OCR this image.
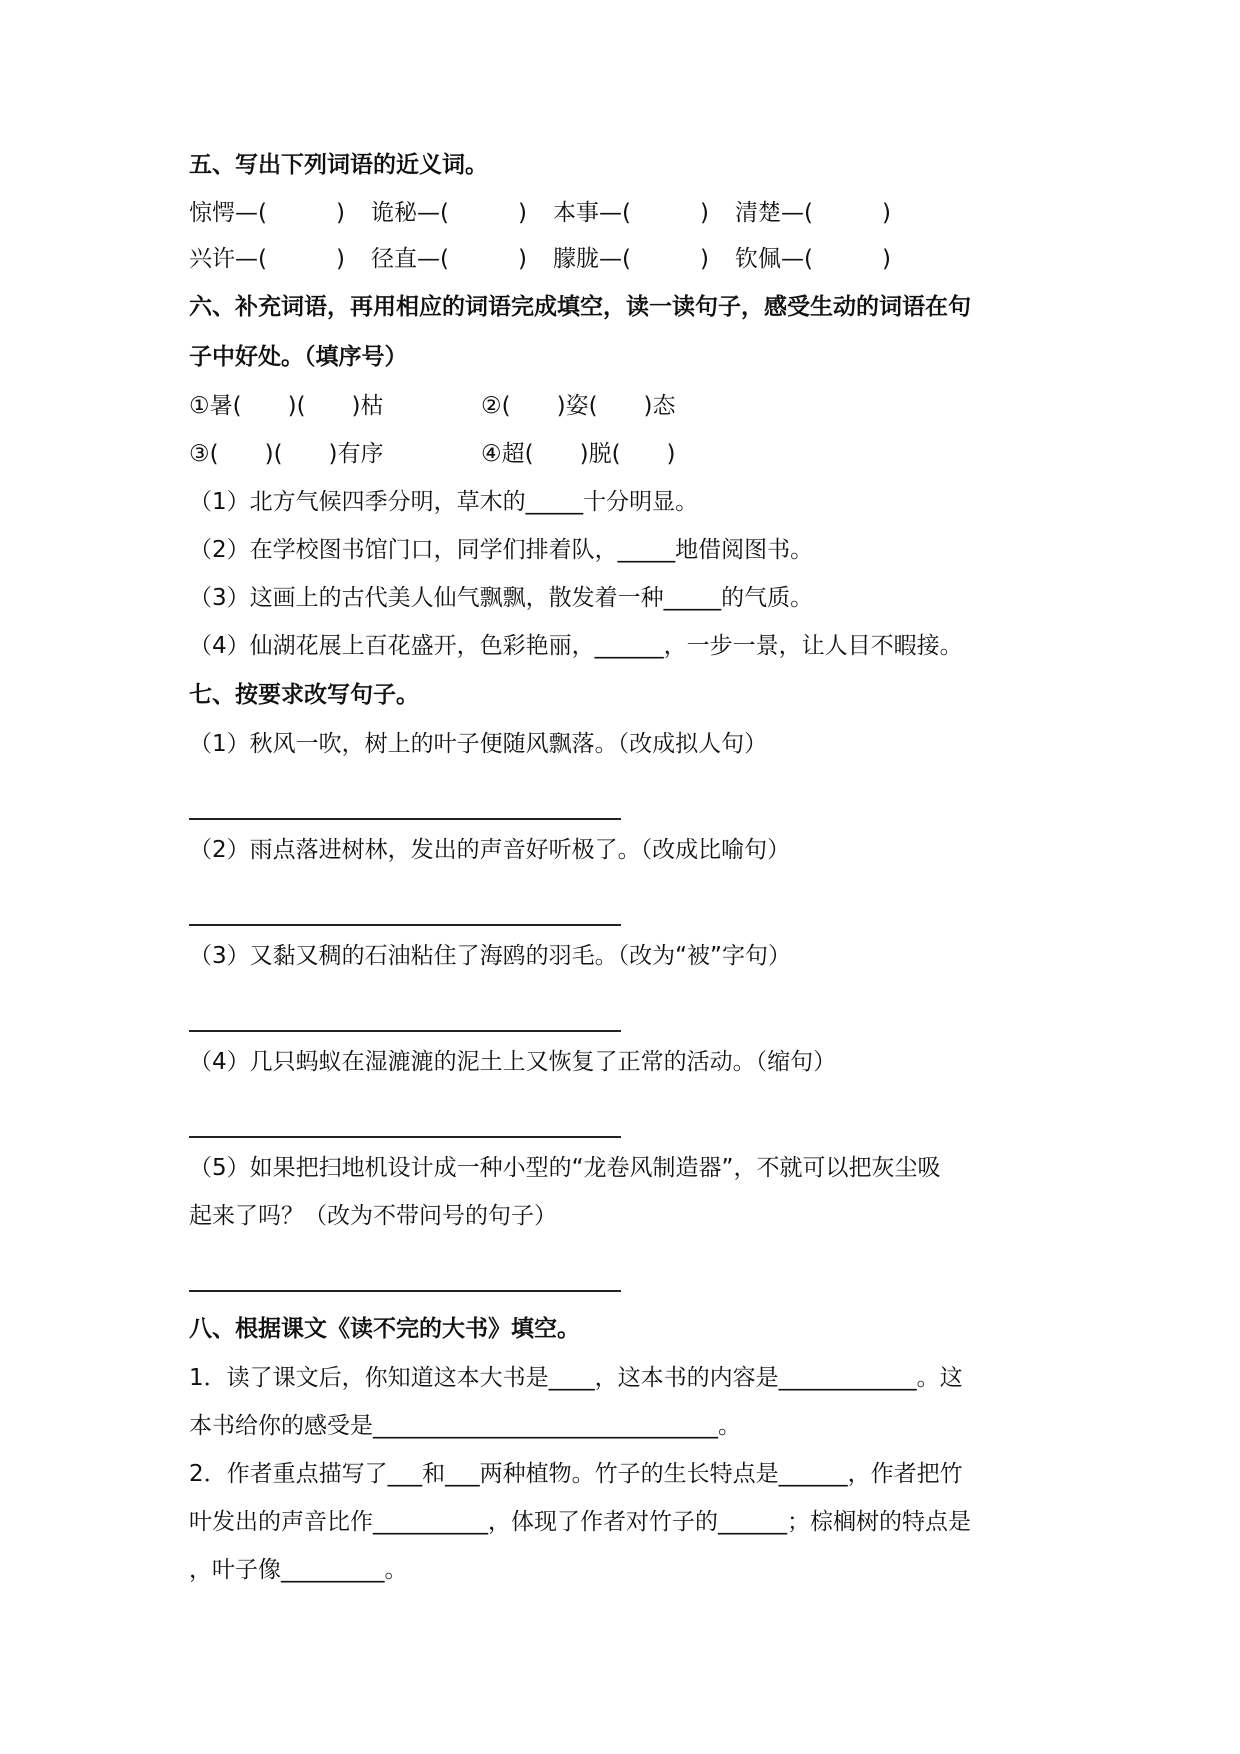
五、写出下列词语的近义词。
惊愕—(　　　)	诡秘—(　　　)	本事—(　　　)	清楚—(　　　)
兴许—(　　　)	径直—(　　　)	朦胧—(　　　)	钦佩—(　　　)
六、补充词语，再用相应的词语完成填空，读一读句子，感受生动的词语在句
子中好处。（填序号）
①暑(　　)(　　)枯	②(　　)姿(　　)态
③(　　)(　　)有序	④超(　　)脱(　　)
（1）北方气候四季分明，草木的_____十分明显。
（2）在学校图书馆门口，同学们排着队，_____地借阅图书。
（3）这画上的古代美人仙气飘飘，散发着一种_____的气质。
（4）仙湖花展上百花盛开，色彩艳丽，______，一步一景，让人目不暇接。
七、按要求改写句子。
（1）秋风一吹，树上的叶子便随风飘落。（改成拟人句）
（2）雨点落进树林，发出的声音好听极了。（改成比喻句）
（3）又黏又稠的石油粘住了海鸥的羽毛。（改为“被”字句）
（4）几只蚂蚁在湿漉漉的泥土上又恢复了正常的活动。（缩句）
（5）如果把扫地机设计成一种小型的“龙卷风制造器”，不就可以把灰尘吸
起来了吗？（改为不带问号的句子）
八、根据课文《读不完的大书》填空。
1．读了课文后，你知道这本大书是____，这本书的内容是____________。这
本书给你的感受是______________________________。
2．作者重点描写了___和___两种植物。竹子的生长特点是______，作者把竹
叶发出的声音比作__________，体现了作者对竹子的______；棕榈树的特点是
，叶子像_________。
